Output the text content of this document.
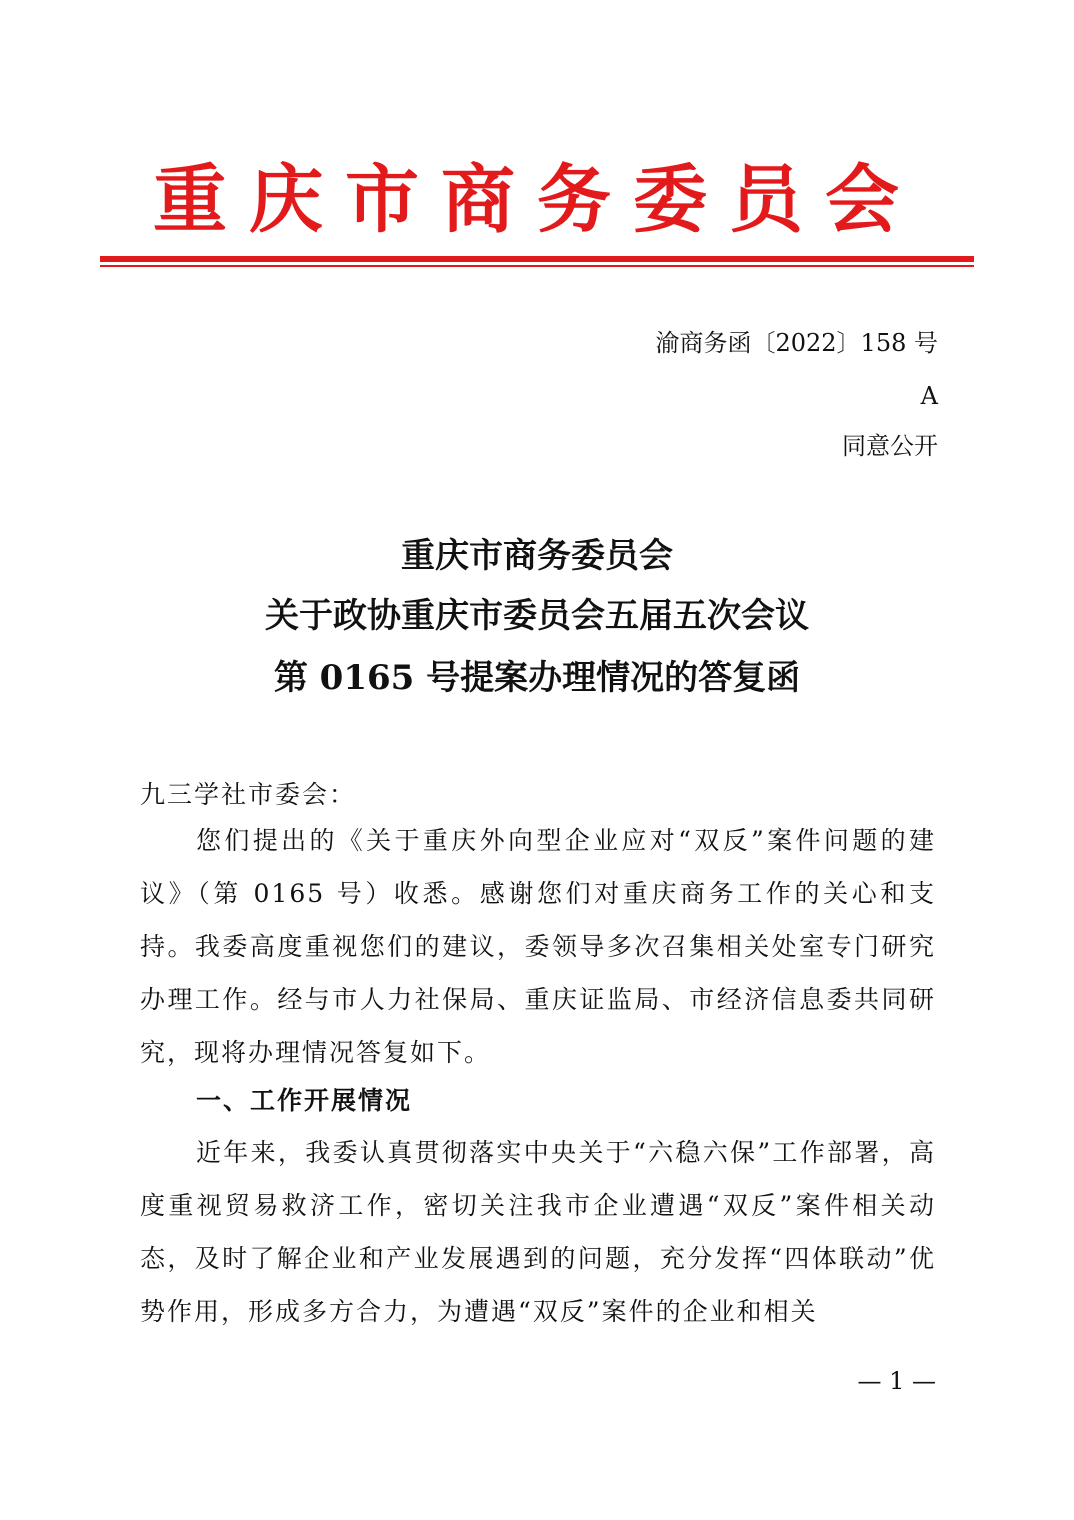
重庆市商务委员会
渝商务函〔2022〕158 号
A
同意公开
重庆市商务委员会
关于政协重庆市委员会五届五次会议
第 0165 号提案办理情况的答复函
九三学社市委会：
您们提出的《关于重庆外向型企业应对“双反”案件问题的建议》（第 0165 号）收悉。感谢您们对重庆商务工作的关心和支持。我委高度重视您们的建议，委领导多次召集相关处室专门研究办理工作。经与市人力社保局、重庆证监局、市经济信息委共同研究，现将办理情况答复如下。
一、工作开展情况
近年来，我委认真贯彻落实中央关于“六稳六保”工作部署，高度重视贸易救济工作，密切关注我市企业遭遇“双反”案件相关动态，及时了解企业和产业发展遇到的问题，充分发挥“四体联动”优势作用，形成多方合力，为遭遇“双反”案件的企业和相关
— 1 —
